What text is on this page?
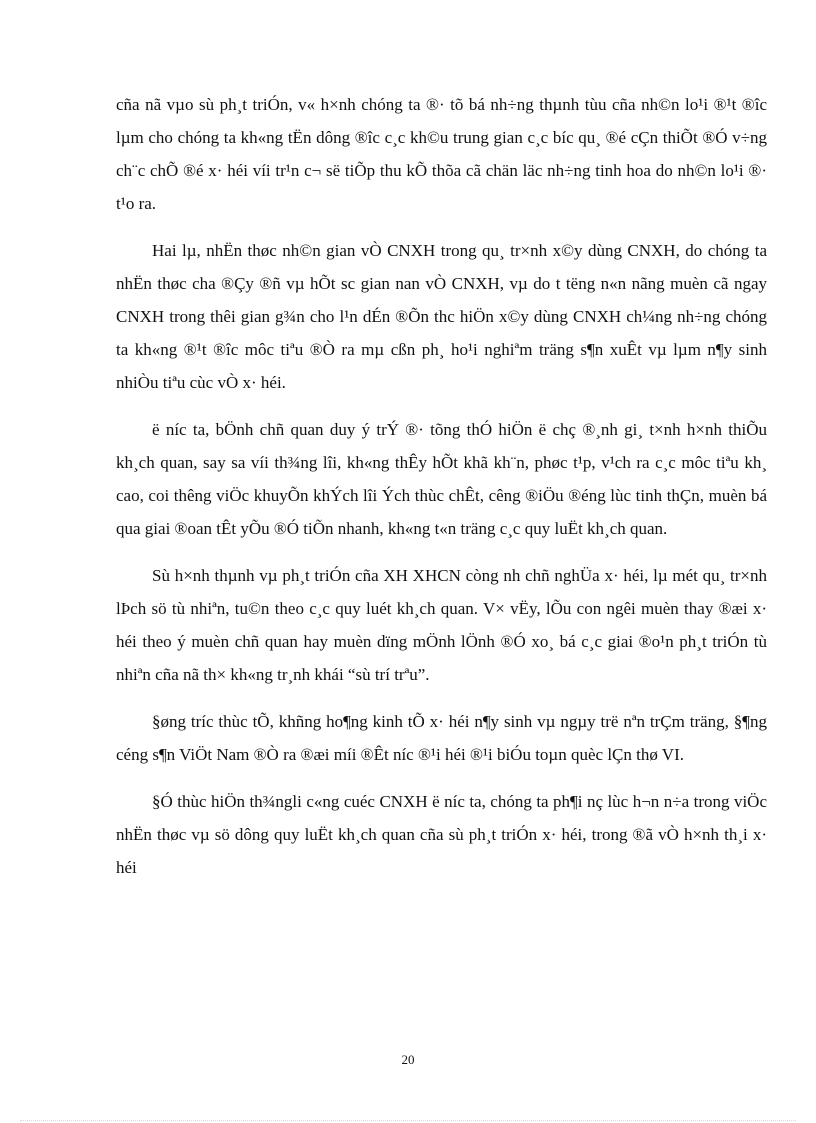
cña nã vµo sù ph¸t triÓn, v« h×nh chóng ta ®· tõ bá nh÷ng thµnh tùu cña nh©n lo¹i ®¹t ®îc lµm cho chóng ta kh«ng tËn dông ®îc c¸c kh©u trung gian c¸c bíc qu¸ ®é cÇn thiÕt ®Ó v÷ng ch¨c chÕ ®é x· héi víi tr¹n c¬ së tiÕp thu kÕ thõa cã chän läc nh÷ng tinh hoa do nh©n lo¹i ®· t¹o ra.

Hai lµ, nhËn thøc nh©n gian vÒ CNXH trong qu¸ tr×nh x©y dùng CNXH, do chóng ta nhËn thøc cha ®Çy ®ñ vµ hÕt sc gian nan vÒ CNXH, vµ do t tëng n«n nãng muèn cã ngay CNXH trong thêi gian g¾n cho l¹n dÉn ®Õn thc hiÖn x©y dùng CNXH ch¼ng nh÷ng chóng ta kh«ng ®¹t ®îc môc tiªu ®Ò ra mµ cßn ph¸ ho¹i nghiªm träng s¶n xuÊt vµ lµm n¶y sinh nhiÒu tiªu cùc vÒ x· héi.

ë níc ta, bÖnh chñ quan duy ý trÝ ®· tõng thÓ hiÖn ë chç ®¸nh gi¸ t×nh h×nh thiÕu kh¸ch quan, say sa víi th¾ng lîi, kh«ng thÊy hÕt khã kh¨n, phøc t¹p, v¹ch ra c¸c môc tiªu kh¸ cao, coi thêng viÖc khuyÕn khÝch lîi Ých thùc chÊt, cêng ®iÖu ®éng lùc tinh thÇn, muèn bá qua giai ®oan tÊt yÕu ®Ó tiÕn nhanh, kh«ng t«n träng c¸c quy luËt kh¸ch quan.

Sù h×nh thµnh vµ ph¸t triÓn cña XH XHCN còng nh chñ nghÜa x· héi, lµ mét qu¸ tr×nh lÞch sö tù nhiªn, tu©n theo c¸c quy luét kh¸ch quan. V× vËy, lÕu con ngêi muèn thay ®æi x· héi theo ý muèn chñ quan hay muèn dïng mÖnh lÖnh ®Ó xo¸ bá c¸c giai ®o¹n ph¸t triÓn tù nhiªn cña nã th× kh«ng tr¸nh khái “sù trí trªu”.

§øng tríc thùc tÕ, khñng ho¶ng kinh tÕ x· héi n¶y sinh vµ ngµy trë nªn trÇm träng, §¶ng céng s¶n ViÖt Nam ®Ò ra ®æi míi ®Êt níc ®¹i héi ®¹i biÓu toµn quèc lÇn thø VI.

§Ó thùc hiÖn th¾ngli c«ng cuéc CNXH ë níc ta, chóng ta ph¶i nç lùc h¬n n÷a trong viÖc nhËn thøc vµ sö dông quy luËt kh¸ch quan cña sù ph¸t triÓn x· héi, trong ®ã vÒ h×nh th¸i x· héi

20
